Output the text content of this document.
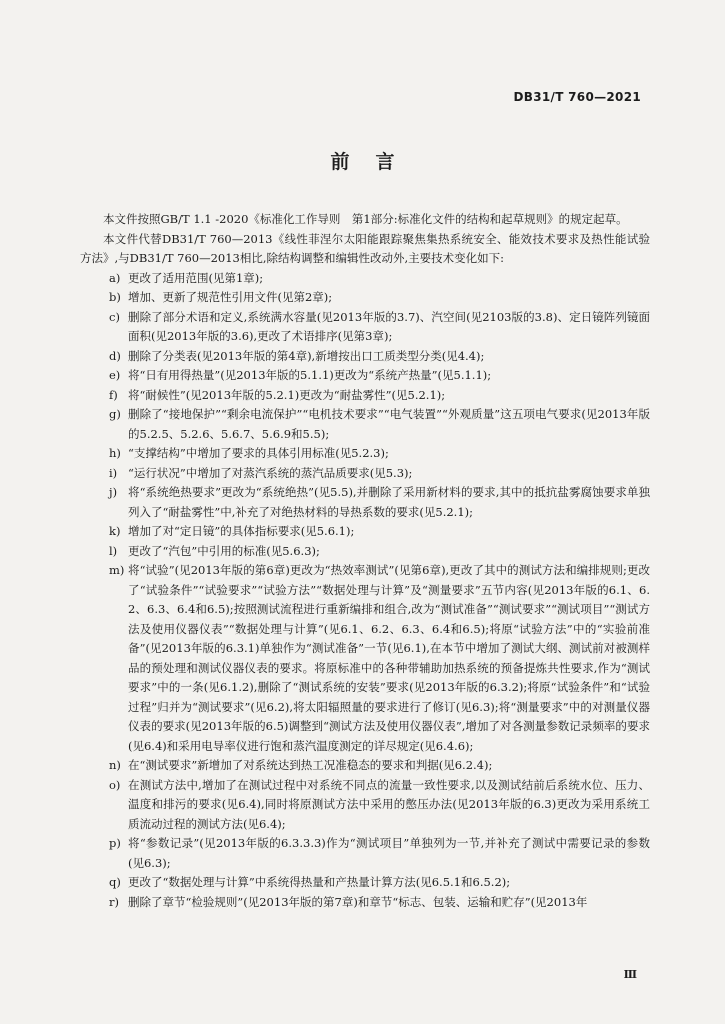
DB31/T 760—2021
前言

本文件按照GB/T 1.1 -2020《标准化工作导则　第1部分:标准化文件的结构和起草规则》的规定起草。

本文件代替DB31/T 760—2013《线性菲涅尔太阳能跟踪聚焦集热系统安全、能效技术要求及热性能试验方法》,与DB31/T 760—2013相比,除结构调整和编辑性改动外,主要技术变化如下:

a) 更改了适用范围(见第1章);
b) 增加、更新了规范性引用文件(见第2章);
c) 删除了部分术语和定义,系统满水容量(见2013年版的3.7)、汽空间(见2103版的3.8)、定日镜阵列镜面面积(见2013年版的3.6),更改了术语排序(见第3章);
d) 删除了分类表(见2013年版的第4章),新增按出口工质类型分类(见4.4);
e) 将“日有用得热量”(见2013年版的5.1.1)更改为“系统产热量”(见5.1.1);
f) 将“耐候性”(见2013年版的5.2.1)更改为“耐盐雾性”(见5.2.1);
g) 删除了“接地保护”“剩余电流保护”“电机技术要求”“电气装置”“外观质量”这五项电气要求(见2013年版的5.2.5、5.2.6、5.6.7、5.6.9和5.5);
h) “支撑结构”中增加了要求的具体引用标准(见5.2.3);
i) “运行状况”中增加了对蒸汽系统的蒸汽品质要求(见5.3);
j) 将“系统绝热要求”更改为“系统绝热”(见5.5),并删除了采用新材料的要求,其中的抵抗盐雾腐蚀要求单独列入了“耐盐雾性”中,补充了对绝热材料的导热系数的要求(见5.2.1);
k) 增加了对“定日镜”的具体指标要求(见5.6.1);
l) 更改了“汽包”中引用的标准(见5.6.3);
m) 将“试验”(见2013年版的第6章)更改为“热效率测试”(见第6章),更改了其中的测试方法和编排规则;更改了“试验条件”“试验要求”“试验方法”“数据处理与计算”及“测量要求”五节内容(见2013年版的6.1、6.2、6.3、6.4和6.5);按照测试流程进行重新编排和组合,改为“测试准备”“测试要求”“测试项目”“测试方法及使用仪器仪表”“数据处理与计算”(见6.1、6.2、6.3、6.4和6.5);将原“试验方法”中的“实验前准备”(见2013年版的6.3.1)单独作为“测试准备”一节(见6.1),在本节中增加了测试大纲、测试前对被测样品的预处理和测试仪器仪表的要求。将原标准中的各种带辅助加热系统的预备提炼共性要求,作为“测试要求”中的一条(见6.1.2),删除了“测试系统的安装”要求(见2013年版的6.3.2);将原“试验条件”和“试验过程”归并为“测试要求”(见6.2),将太阳辐照量的要求进行了修订(见6.3);将“测量要求”中的对测量仪器仪表的要求(见2013年版的6.5)调整到“测试方法及使用仪器仪表”,增加了对各测量参数记录频率的要求(见6.4)和采用电导率仪进行饱和蒸汽温度测定的详尽规定(见6.4.6);
n) 在“测试要求”新增加了对系统达到热工况准稳态的要求和判据(见6.2.4);
o) 在测试方法中,增加了在测试过程中对系统不同点的流量一致性要求,以及测试结前后系统水位、压力、温度和排污的要求(见6.4),同时将原测试方法中采用的憋压办法(见2013年版的6.3)更改为采用系统工质流动过程的测试方法(见6.4);
p) 将“参数记录”(见2013年版的6.3.3.3)作为“测试项目”单独列为一节,并补充了测试中需要记录的参数(见6.3);
q) 更改了“数据处理与计算”中系统得热量和产热量计算方法(见6.5.1和6.5.2);
r) 删除了章节“检验规则”(见2013年版的第7章)和章节“标志、包装、运输和贮存”(见2013年
Ⅲ
